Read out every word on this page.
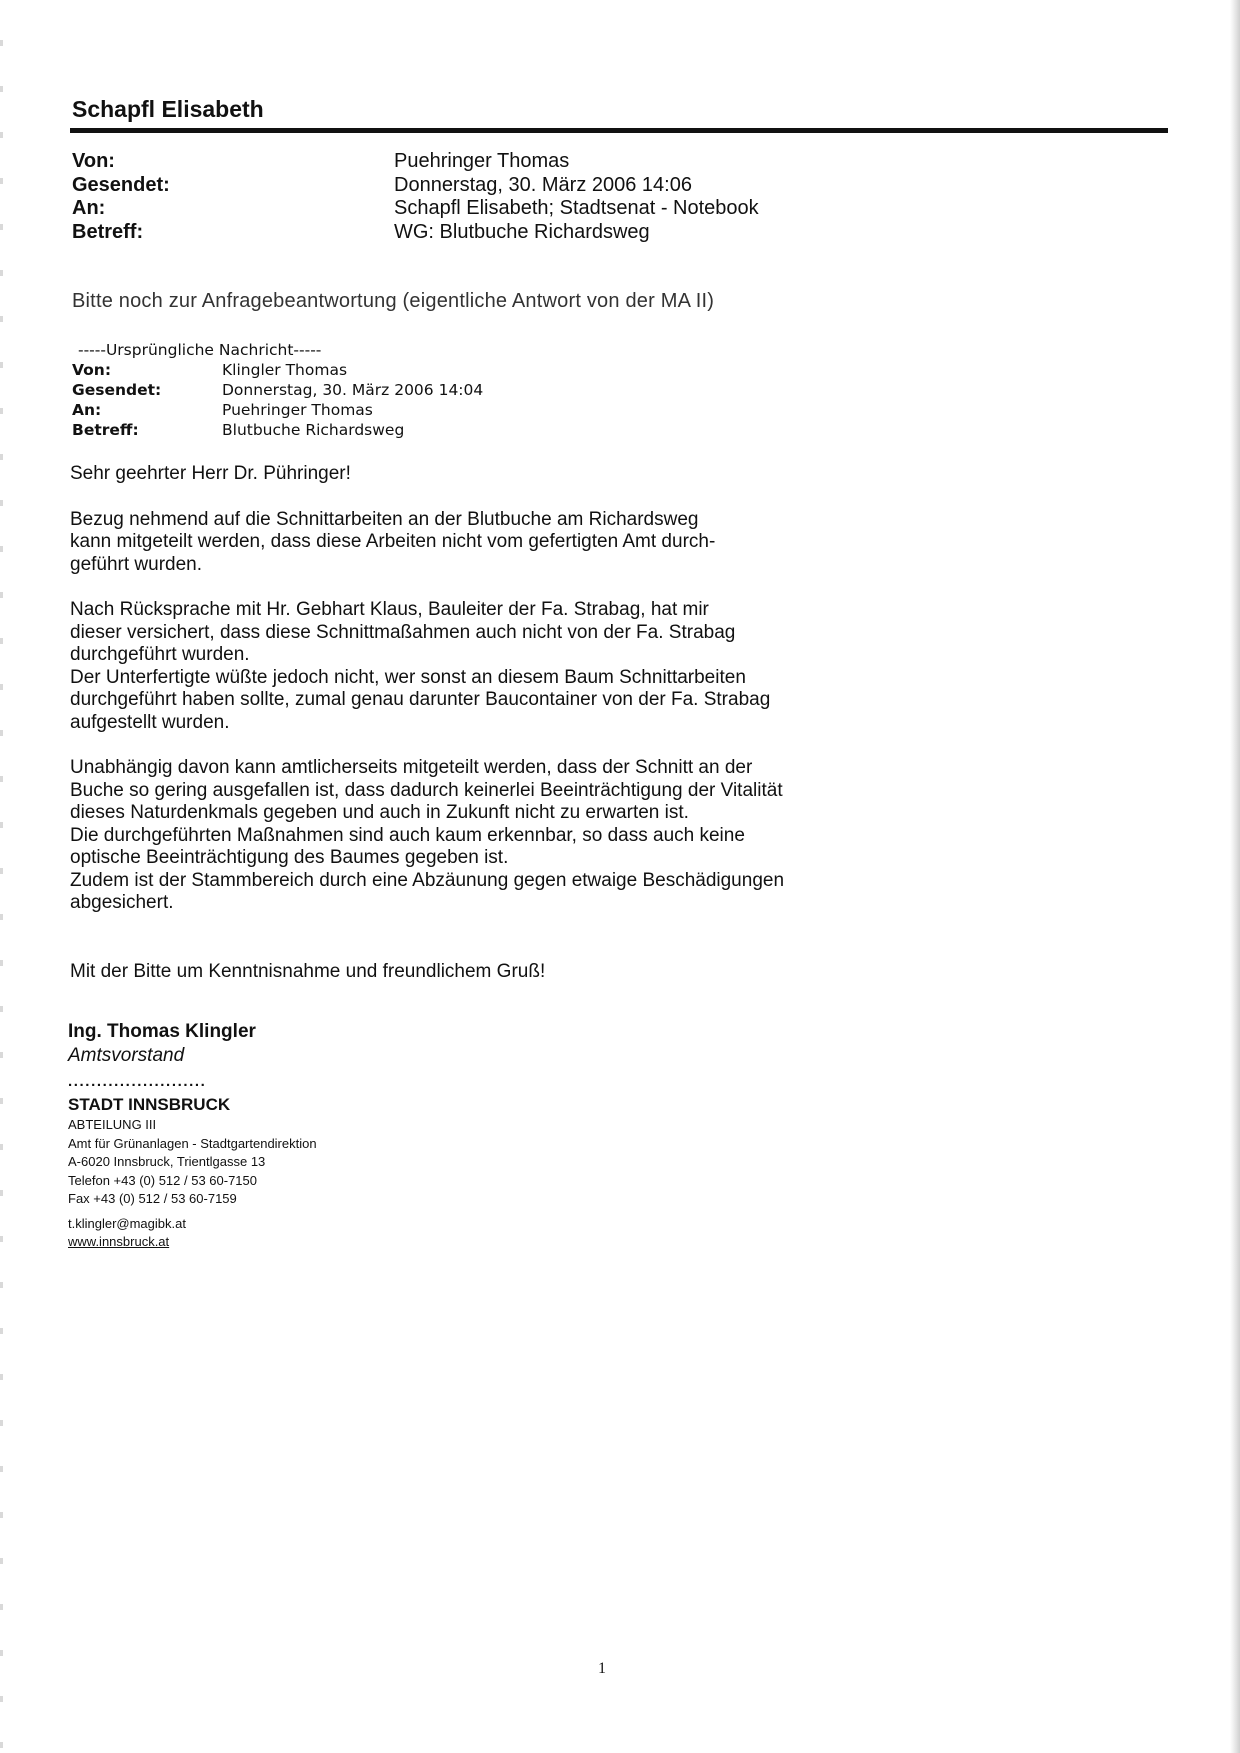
Schapfl Elisabeth
Von:	Puehringer Thomas
Gesendet:	Donnerstag, 30. März 2006 14:06
An:	Schapfl Elisabeth; Stadtsenat - Notebook
Betreff:	WG: Blutbuche Richardsweg
Bitte noch zur Anfragebeantwortung (eigentliche Antwort von der MA II)
-----Ursprüngliche Nachricht-----
Von:	Klingler Thomas
Gesendet:	Donnerstag, 30. März 2006 14:04
An:	Puehringer Thomas
Betreff:	Blutbuche Richardsweg

Sehr geehrter Herr Dr. Pühringer!

Bezug nehmend auf die Schnittarbeiten an der Blutbuche am Richardsweg
kann mitgeteilt werden, dass diese Arbeiten nicht vom gefertigten Amt durch-
geführt wurden.

Nach Rücksprache mit Hr. Gebhart Klaus, Bauleiter der Fa. Strabag, hat mir
dieser versichert, dass diese Schnittmaßahmen auch nicht von der Fa. Strabag
durchgeführt wurden.
Der Unterfertigte wüßte jedoch nicht, wer sonst an diesem Baum Schnittarbeiten
durchgeführt haben sollte, zumal genau darunter Baucontainer von der Fa. Strabag
aufgestellt wurden.

Unabhängig davon kann amtlicherseits mitgeteilt werden, dass der Schnitt an der
Buche so gering ausgefallen ist, dass dadurch keinerlei Beeinträchtigung der Vitalität
dieses Naturdenkmals gegeben und auch in Zukunft nicht zu erwarten ist.
Die durchgeführten Maßnahmen sind auch kaum erkennbar, so dass auch keine
optische Beeinträchtigung des Baumes gegeben ist.
Zudem ist der Stammbereich durch eine Abzäunung gegen etwaige Beschädigungen
abgesichert.

Mit der Bitte um Kenntnisnahme und freundlichem Gruß!

Ing. Thomas Klingler
Amtsvorstand
........................
STADT INNSBRUCK
ABTEILUNG III
Amt für Grünanlagen - Stadtgartendirektion
A-6020 Innsbruck, Trientlgasse 13
Telefon +43 (0) 512 / 53 60-7150
Fax +43 (0) 512 / 53 60-7159
t.klingler@magibk.at
www.innsbruck.at
1
